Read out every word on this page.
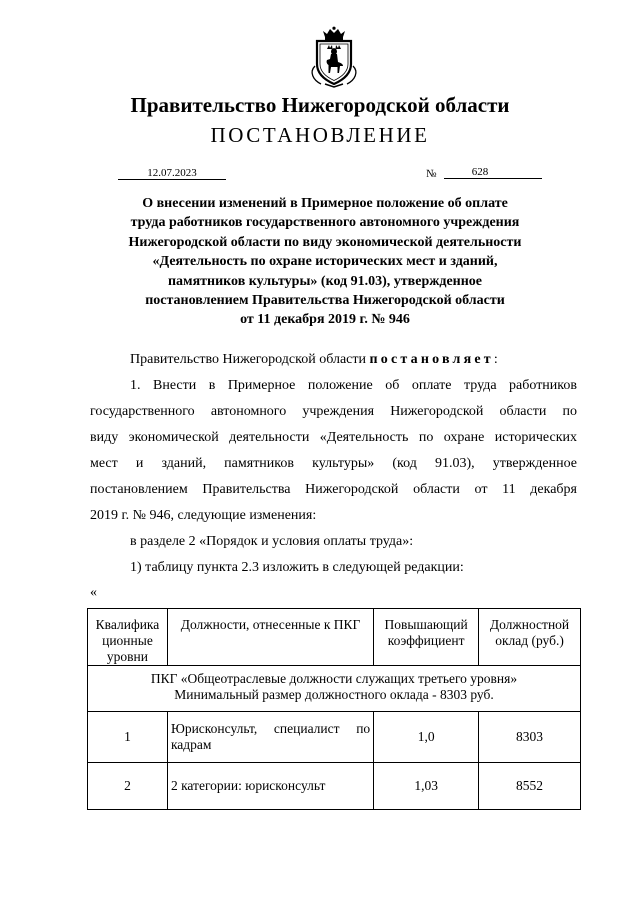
Правительство Нижегородской области
ПОСТАНОВЛЕНИЕ
12.07.2023	№	628
О внесении изменений в Примерное положение об оплате
труда работников государственного автономного учреждения
Нижегородской области по виду экономической деятельности
«Деятельность по охране исторических мест и зданий,
памятников культуры» (код 91.03), утвержденное
постановлением Правительства Нижегородской области
от 11 декабря 2019 г. № 946
Правительство Нижегородской области постановляет:
1. Внести в Примерное положение об оплате труда работников
государственного автономного учреждения Нижегородской области по
виду экономической деятельности «Деятельность по охране исторических
мест и зданий, памятников культуры» (код 91.03), утвержденное
постановлением Правительства Нижегородской области от 11 декабря
2019 г. № 946, следующие изменения:
в разделе 2 «Порядок и условия оплаты труда»:
1) таблицу пункта 2.3 изложить в следующей редакции:
«
Квалифика ционные уровни	Должности, отнесенные к ПКГ	Повышающий коэффициент	Должностной оклад (руб.)

ПКГ «Общеотраслевые должности служащих третьего уровня»
Минимальный размер должностного оклада - 8303 руб.			

1	Юрисконсульт, специалист по
кадрам	1,0	8303
2	2 категории: юрисконсульт	1,03	8552
